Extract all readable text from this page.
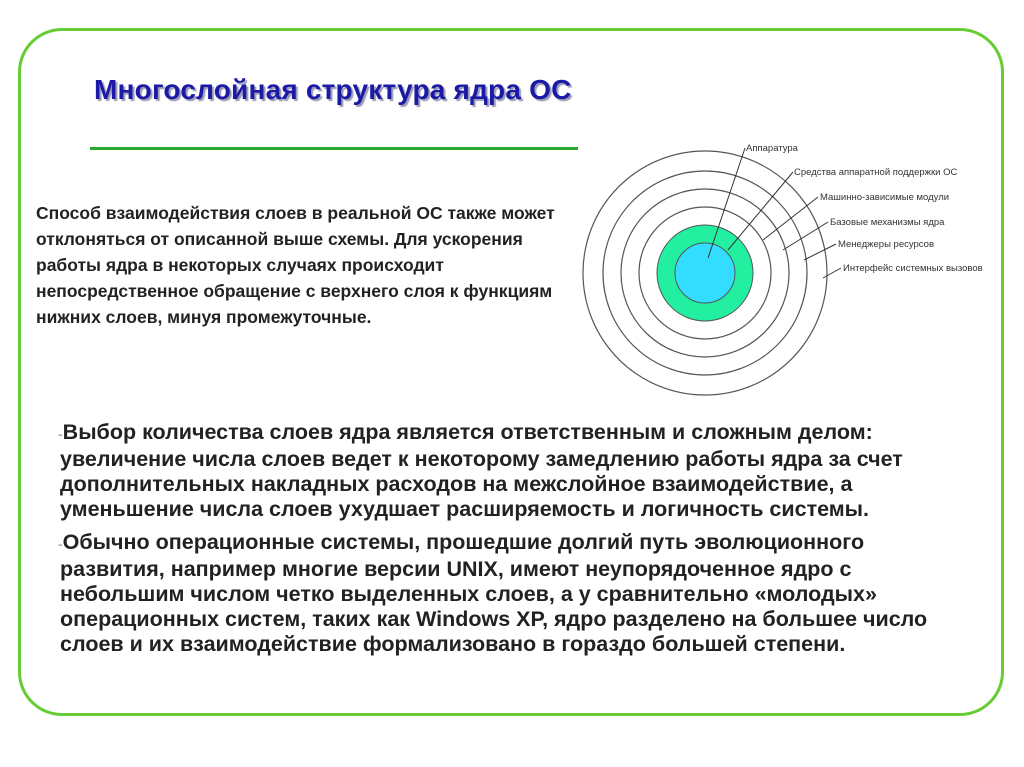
Многослойная структура ядра ОС
Аппаратура
Средства аппаратной поддержки ОС
Машинно-зависимые модули
Базовые механизмы ядра
Менеджеры ресурсов
Интерфейс системных вызовов

Способ взаимодействия слоев в реальной ОС также может отклоняться от описанной выше схемы. Для ускорения работы ядра в некоторых случаях происходит непосредственное обращение с верхнего слоя к функциям нижних слоев, минуя промежуточные.

-Выбор количества слоев ядра является ответственным и сложным делом: увеличение числа слоев ведет к некоторому замедлению работы ядра за счет дополнительных накладных расходов на межслойное взаимодействие, а уменьшение числа слоев ухудшает расширяемость и логичность системы.

-Обычно операционные системы, прошедшие долгий путь эволюционного развития, например многие версии UNIX, имеют неупорядоченное ядро с небольшим числом четко выделенных слоев, а у сравнительно «молодых» операционных систем, таких как Windows XP, ядро разделено на большее число слоев и их взаимодействие формализовано в гораздо большей степени.
